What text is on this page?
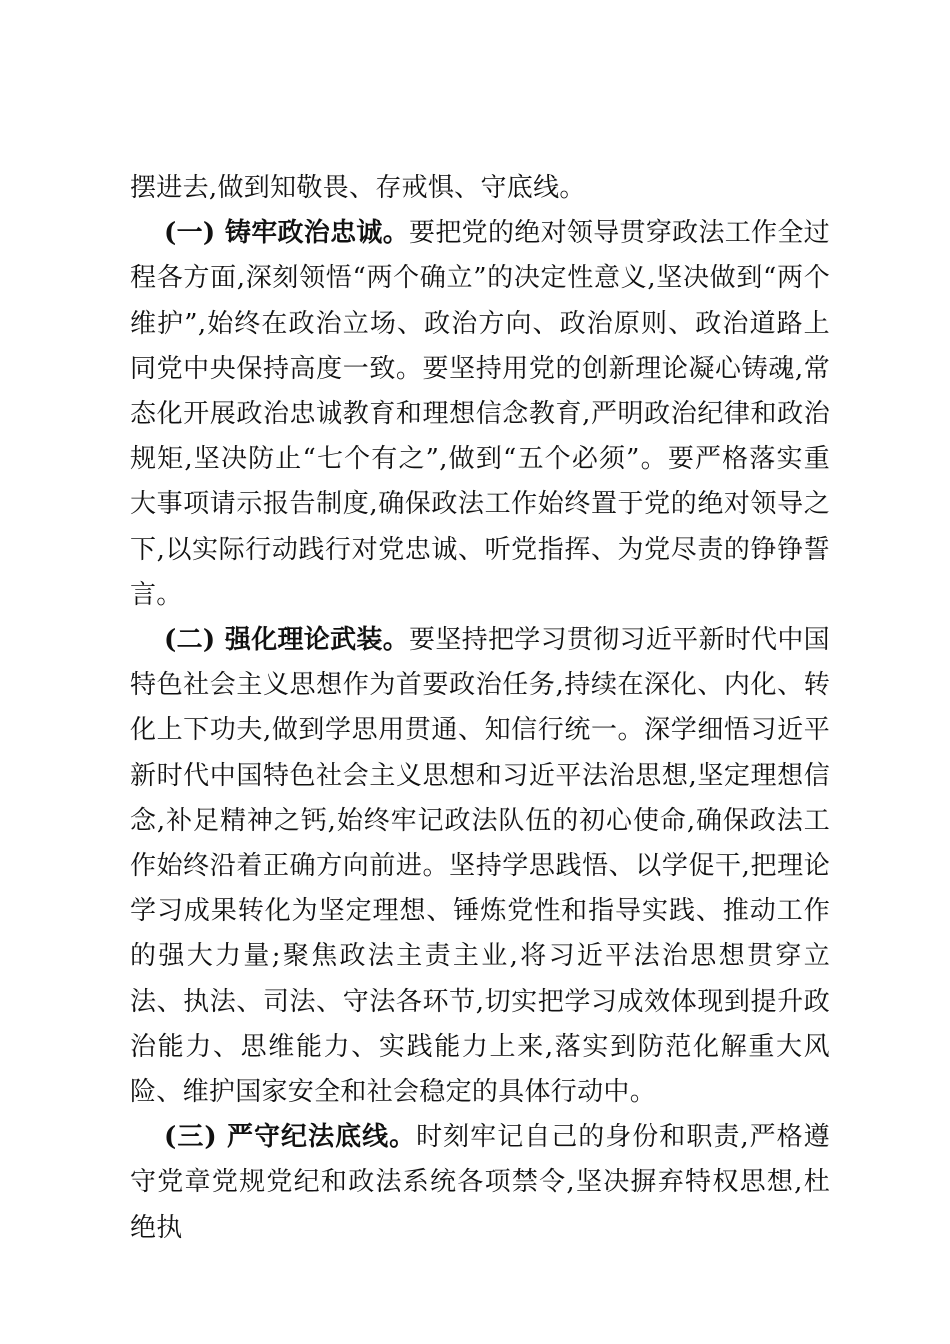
摆进去,做到知敬畏、存戒惧、守底线。

(一) 铸牢政治忠诚。要把党的绝对领导贯穿政法工作全过程各方面,深刻领悟“两个确立”的决定性意义,坚决做到“两个维护”,始终在政治立场、政治方向、政治原则、政治道路上同党中央保持高度一致。要坚持用党的创新理论凝心铸魂,常态化开展政治忠诚教育和理想信念教育,严明政治纪律和政治规矩,坚决防止“七个有之”,做到“五个必须”。要严格落实重大事项请示报告制度,确保政法工作始终置于党的绝对领导之下,以实际行动践行对党忠诚、听党指挥、为党尽责的铮铮誓言。

(二) 强化理论武装。要坚持把学习贯彻习近平新时代中国特色社会主义思想作为首要政治任务,持续在深化、内化、转化上下功夫,做到学思用贯通、知信行统一。深学细悟习近平新时代中国特色社会主义思想和习近平法治思想,坚定理想信念,补足精神之钙,始终牢记政法队伍的初心使命,确保政法工作始终沿着正确方向前进。坚持学思践悟、以学促干,把理论学习成果转化为坚定理想、锤炼党性和指导实践、推动工作的强大力量;聚焦政法主责主业,将习近平法治思想贯穿立法、执法、司法、守法各环节,切实把学习成效体现到提升政治能力、思维能力、实践能力上来,落实到防范化解重大风险、维护国家安全和社会稳定的具体行动中。

(三) 严守纪法底线。时刻牢记自己的身份和职责,严格遵守党章党规党纪和政法系统各项禁令,坚决摒弃特权思想,杜绝执
